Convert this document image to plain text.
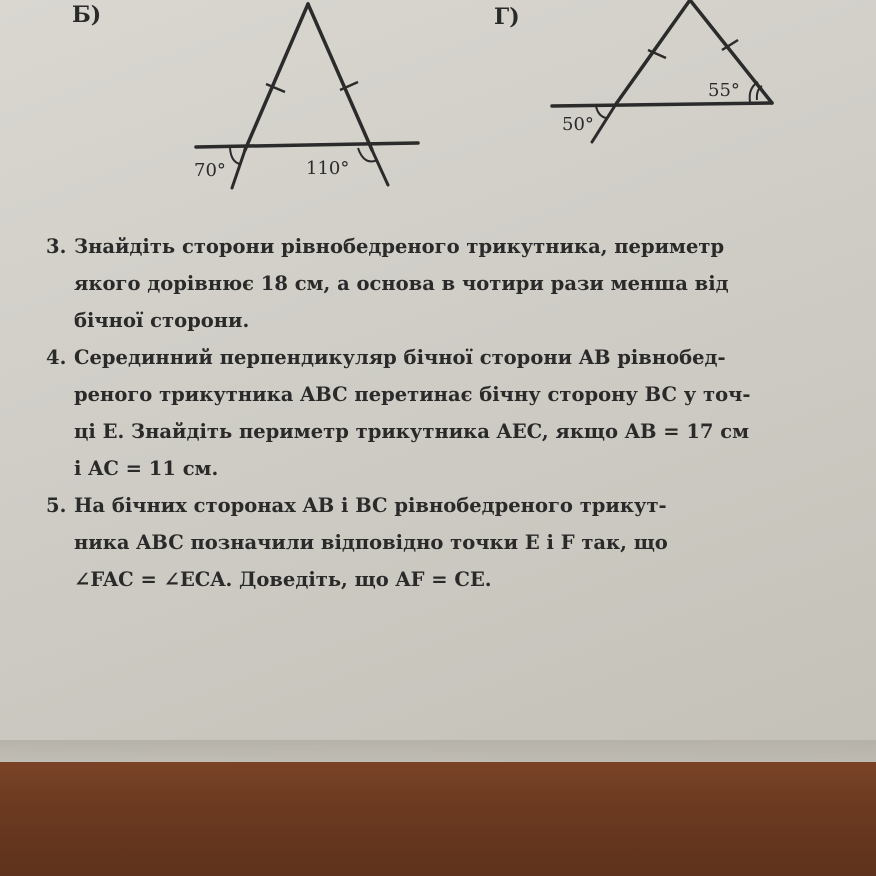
Б)	Г)
70°	110°
55°
50°
3. Знайдіть сторони рівнобедреного трикутника, периметр
якого дорівнює 18 см, а основа в чотири рази менша від
бічної сторони.
4. Серединний перпендикуляр бічної сторони AB рівнобед-
реного трикутника ABC перетинає бічну сторону BC у точ-
ці E. Знайдіть периметр трикутника AEC, якщо AB = 17 см
і AC = 11 см.
5. На бічних сторонах AB і BC рівнобедреного трикут-
ника ABC позначили відповідно точки E і F так, що
∠FAC = ∠ECA. Доведіть, що AF = CE.
